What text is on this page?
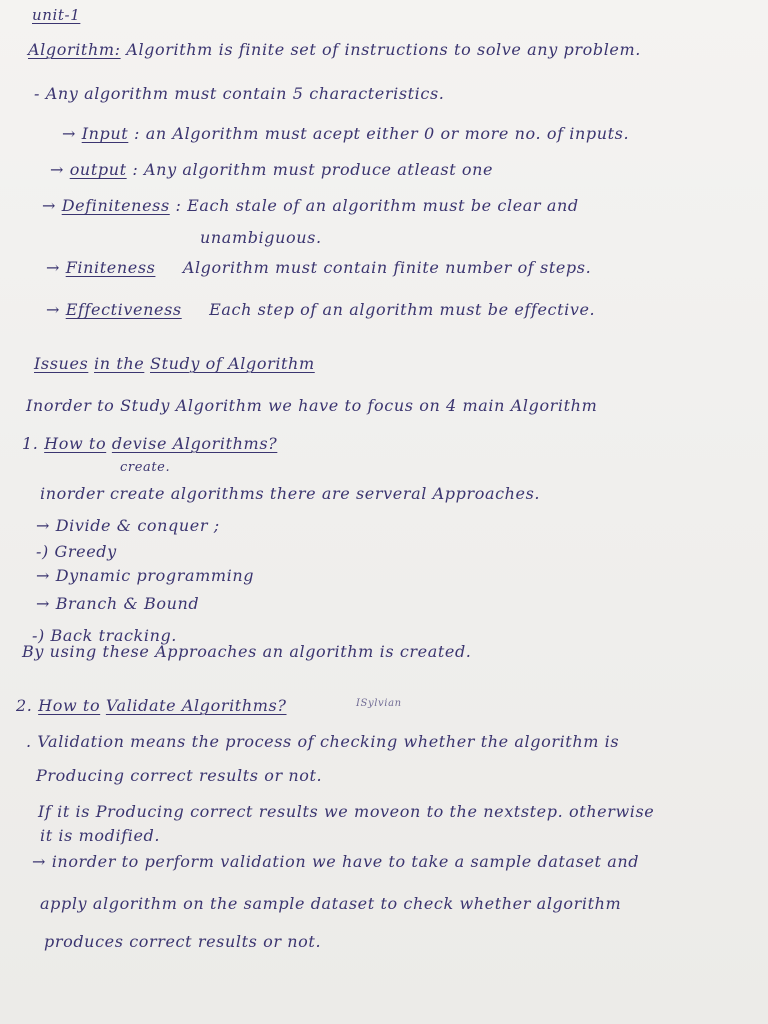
unit-1
Algorithm: Algorithm is finite set of instructions to solve any problem.
- Any algorithm must contain 5 characteristics.
→ Input : an Algorithm must acept either 0 or more no. of inputs.
→ output : Any algorithm must produce atleast one
→ Definiteness : Each stale of an algorithm must be clear and
unambiguous.
→ Finiteness Algorithm must contain finite number of steps.
→ Effectiveness Each step of an algorithm must be effective.
Issues in the Study of Algorithm
Inorder to Study Algorithm we have to focus on 4 main Algorithm
1. How to devise Algorithms?
create.
inorder create algorithms there are serveral Approaches.
→ Divide & conquer ;
-) Greedy
→ Dynamic programming
→ Branch & Bound
-) Back tracking.
By using these Approaches an algorithm is created.
2. How to Validate Algorithms?	ISylvian
. Validation means the process of checking whether the algorithm is
Producing correct results or not.
If it is Producing correct results we moveon to the nextstep. otherwise
it is modified.
→ inorder to perform validation we have to take a sample dataset and
apply algorithm on the sample dataset to check whether algorithm
produces correct results or not.
